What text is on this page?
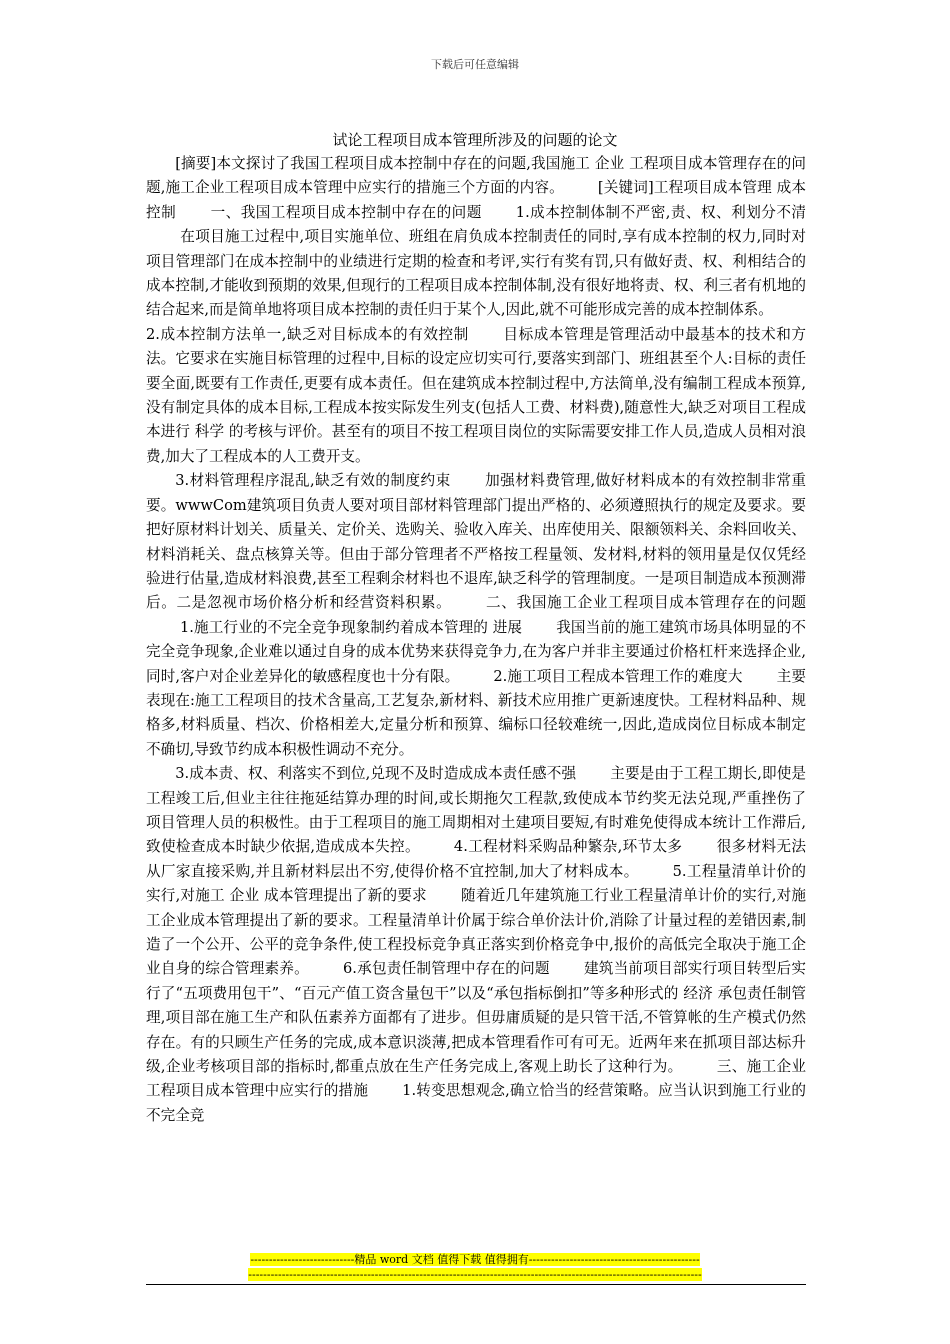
下载后可任意编辑
试论工程项目成本管理所涉及的问题的论文

[摘要]本文探讨了我国工程项目成本控制中存在的问题,我国施工 企业 工程项目成本管理存在的问题,施工企业工程项目成本管理中应实行的措施三个方面的内容。 [关键词]工程项目成本管理 成本控制 一、我国工程项目成本控制中存在的问题 1.成本控制体制不严密,责、权、利划分不清在项目施工过程中,项目实施单位、班组在肩负成本控制责任的同时,享有成本控制的权力,同时对项目管理部门在成本控制中的业绩进行定期的检查和考评,实行有奖有罚,只有做好责、权、利相结合的成本控制,才能收到预期的效果,但现行的工程项目成本控制体制,没有很好地将责、权、利三者有机地的结合起来,而是简单地将项目成本控制的责任归于某个人,因此,就不可能形成完善的成本控制体系。

2.成本控制方法单一,缺乏对目标成本的有效控制 目标成本管理是管理活动中最基本的技术和方法。它要求在实施目标管理的过程中,目标的设定应切实可行,要落实到部门、班组甚至个人:目标的责任要全面,既要有工作责任,更要有成本责任。但在建筑成本控制过程中,方法简单,没有编制工程成本预算,没有制定具体的成本目标,工程成本按实际发生列支(包括人工费、材料费),随意性大,缺乏对项目工程成本进行 科学 的考核与评价。甚至有的项目不按工程项目岗位的实际需要安排工作人员,造成人员相对浪费,加大了工程成本的人工费开支。

3.材料管理程序混乱,缺乏有效的制度约束 加强材料费管理,做好材料成本的有效控制非常重要。wwwCom建筑项目负责人要对项目部材料管理部门提出严格的、必须遵照执行的规定及要求。要把好原材料计划关、质量关、定价关、选购关、验收入库关、出库使用关、限额领料关、余料回收关、材料消耗关、盘点核算关等。但由于部分管理者不严格按工程量领、发材料,材料的领用量是仅仅凭经验进行估量,造成材料浪费,甚至工程剩余材料也不退库,缺乏科学的管理制度。一是项目制造成本预测滞后。二是忽视市场价格分析和经营资料积累。 二、我国施工企业工程项目成本管理存在的问题1.施工行业的不完全竞争现象制约着成本管理的 进展 我国当前的施工建筑市场具体明显的不完全竞争现象,企业难以通过自身的成本优势来获得竞争力,在为客户并非主要通过价格杠杆来选择企业,同时,客户对企业差异化的敏感程度也十分有限。 2.施工项目工程成本管理工作的难度大 主要表现在:施工工程项目的技术含量高,工艺复杂,新材料、新技术应用推广更新速度快。工程材料品种、规格多,材料质量、档次、价格相差大,定量分析和预算、编标口径较难统一,因此,造成岗位目标成本制定不确切,导致节约成本积极性调动不充分。

3.成本责、权、利落实不到位,兑现不及时造成成本责任感不强 主要是由于工程工期长,即使是工程竣工后,但业主往往拖延结算办理的时间,或长期拖欠工程款,致使成本节约奖无法兑现,严重挫伤了项目管理人员的积极性。由于工程项目的施工周期相对土建项目要短,有时难免使得成本统计工作滞后,致使检查成本时缺少依据,造成成本失控。 4.工程材料采购品种繁杂,环节太多 很多材料无法从厂家直接采购,并且新材料层出不穷,使得价格不宜控制,加大了材料成本。 5.工程量清单计价的实行,对施工 企业 成本管理提出了新的要求 随着近几年建筑施工行业工程量清单计价的实行,对施工企业成本管理提出了新的要求。工程量清单计价属于综合单价法计价,消除了计量过程的差错因素,制造了一个公开、公平的竞争条件,使工程投标竞争真正落实到价格竞争中,报价的高低完全取决于施工企业自身的综合管理素养。 6.承包责任制管理中存在的问题 建筑当前项目部实行项目转型后实行了“五项费用包干”、“百元产值工资含量包干”以及“承包指标倒扣”等多种形式的 经济 承包责任制管理,项目部在施工生产和队伍素养方面都有了进步。但毋庸质疑的是只管干活,不管算帐的生产模式仍然存在。有的只顾生产任务的完成,成本意识淡薄,把成本管理看作可有可无。近两年来在抓项目部达标升级,企业考核项目部的指标时,都重点放在生产任务完成上,客观上助长了这种行为。 三、施工企业工程项目成本管理中应实行的措施 1.转变思想观念,确立恰当的经营策略。应当认识到施工行业的不完全竞

----------------------------精品 word 文档 值得下载 值得拥有----------------------------------------------
--------------------------------------------------------------------------------------------------------------------------
